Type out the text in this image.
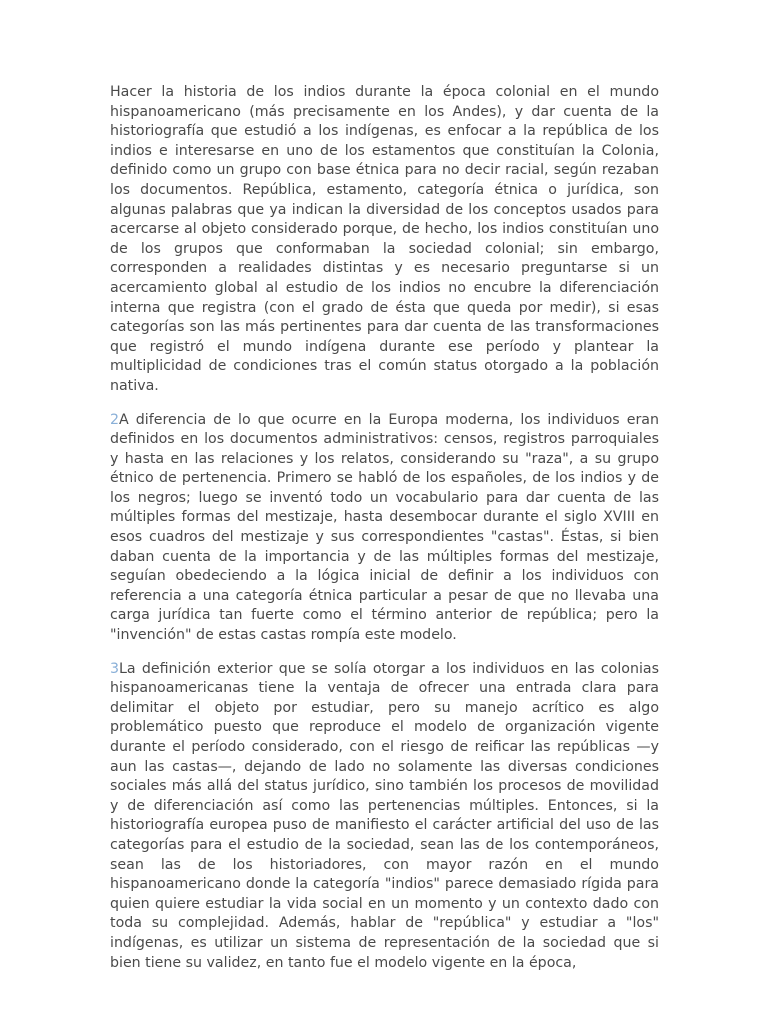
Hacer la historia de los indios durante la época colonial en el mundo hispanoamericano (más precisamente en los Andes), y dar cuenta de la historiografía que estudió a los indígenas, es enfocar a la república de los indios e interesarse en uno de los estamentos que constituían la Colonia, definido como un grupo con base étnica para no decir racial, según rezaban los documentos. República, estamento, categoría étnica o jurídica, son algunas palabras que ya indican la diversidad de los conceptos usados para acercarse al objeto considerado porque, de hecho, los indios constituían uno de los grupos que conformaban la sociedad colonial; sin embargo, corresponden a realidades distintas y es necesario preguntarse si un acercamiento global al estudio de los indios no encubre la diferenciación interna que registra (con el grado de ésta que queda por medir), si esas categorías son las más pertinentes para dar cuenta de las transformaciones que registró el mundo indígena durante ese período y plantear la multiplicidad de condiciones tras el común status otorgado a la población nativa.

2A diferencia de lo que ocurre en la Europa moderna, los individuos eran definidos en los documentos administrativos: censos, registros parroquiales y hasta en las relaciones y los relatos, considerando su "raza", a su grupo étnico de pertenencia. Primero se habló de los españoles, de los indios y de los negros; luego se inventó todo un vocabulario para dar cuenta de las múltiples formas del mestizaje, hasta desembocar durante el siglo XVIII en esos cuadros del mestizaje y sus correspondientes "castas". Éstas, si bien daban cuenta de la importancia y de las múltiples formas del mestizaje, seguían obedeciendo a la lógica inicial de definir a los individuos con referencia a una categoría étnica particular a pesar de que no llevaba una carga jurídica tan fuerte como el término anterior de república; pero la "invención" de estas castas rompía este modelo.

3La definición exterior que se solía otorgar a los individuos en las colonias hispanoamericanas tiene la ventaja de ofrecer una entrada clara para delimitar el objeto por estudiar, pero su manejo acrítico es algo problemático puesto que reproduce el modelo de organización vigente durante el período considerado, con el riesgo de reificar las repúblicas —y aun las castas—, dejando de lado no solamente las diversas condiciones sociales más allá del status jurídico, sino también los procesos de movilidad y de diferenciación así como las pertenencias múltiples. Entonces, si la historiografía europea puso de manifiesto el carácter artificial del uso de las categorías para el estudio de la sociedad, sean las de los contemporáneos, sean las de los historiadores, con mayor razón en el mundo hispanoamericano donde la categoría "indios" parece demasiado rígida para quien quiere estudiar la vida social en un momento y un contexto dado con toda su complejidad. Además, hablar de "república" y estudiar a "los" indígenas, es utilizar un sistema de representación de la sociedad que si bien tiene su validez, en tanto fue el modelo vigente en la época,
